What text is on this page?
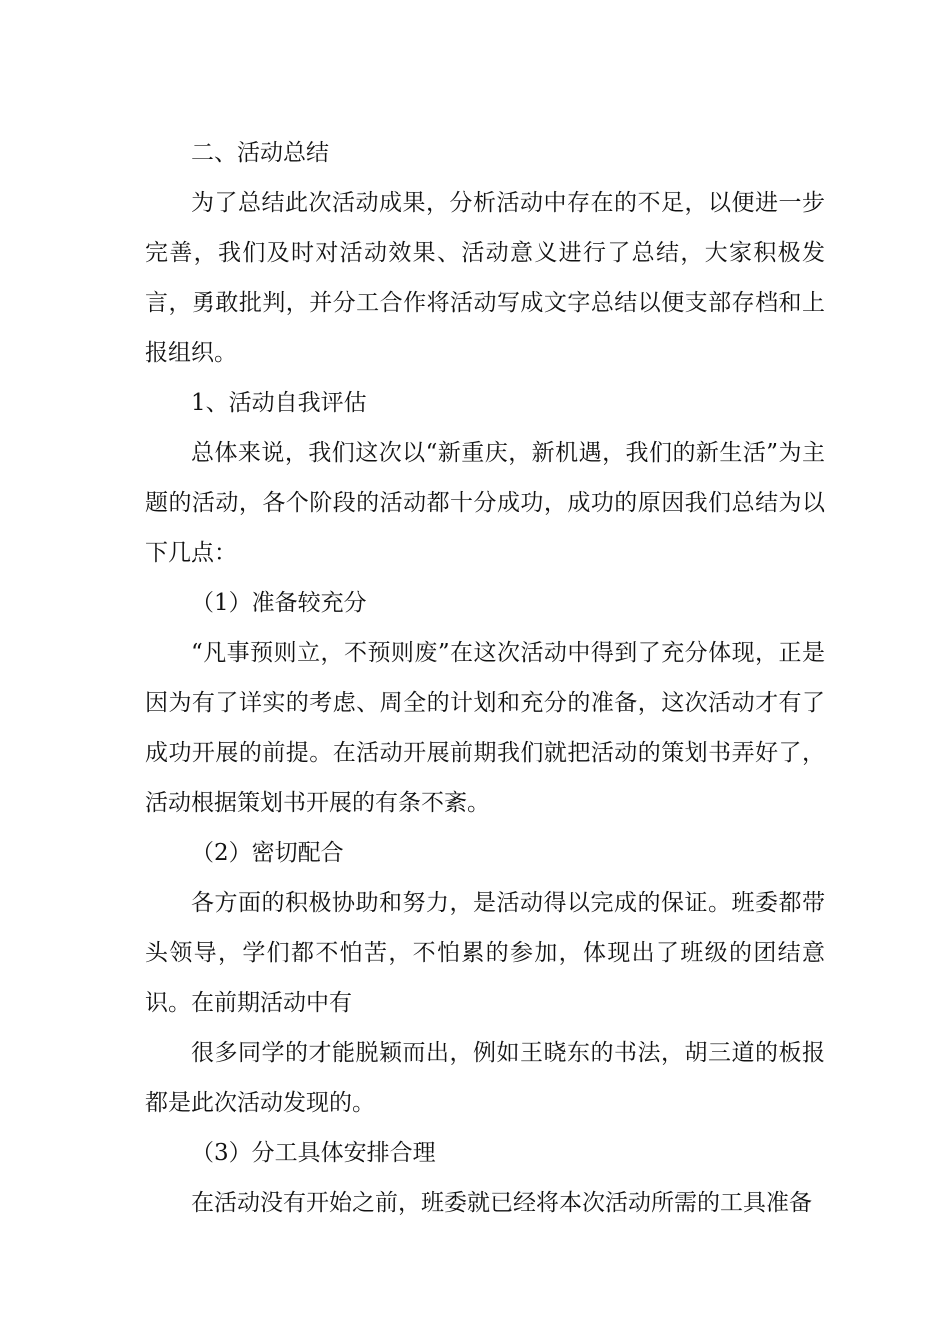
二、活动总结

为了总结此次活动成果，分析活动中存在的不足，以便进一步完善，我们及时对活动效果、活动意义进行了总结，大家积极发言，勇敢批判，并分工合作将活动写成文字总结以便支部存档和上报组织。

1、活动自我评估

总体来说，我们这次以“新重庆，新机遇，我们的新生活”为主题的活动，各个阶段的活动都十分成功，成功的原因我们总结为以下几点：

（1）准备较充分

“凡事预则立，不预则废”在这次活动中得到了充分体现，正是因为有了详实的考虑、周全的计划和充分的准备，这次活动才有了成功开展的前提。在活动开展前期我们就把活动的策划书弄好了，活动根据策划书开展的有条不紊。

（2）密切配合

各方面的积极协助和努力，是活动得以完成的保证。班委都带头领导，学们都不怕苦，不怕累的参加，体现出了班级的团结意识。在前期活动中有

很多同学的才能脱颖而出，例如王晓东的书法，胡三道的板报都是此次活动发现的。

（3）分工具体安排合理

在活动没有开始之前，班委就已经将本次活动所需的工具准备
